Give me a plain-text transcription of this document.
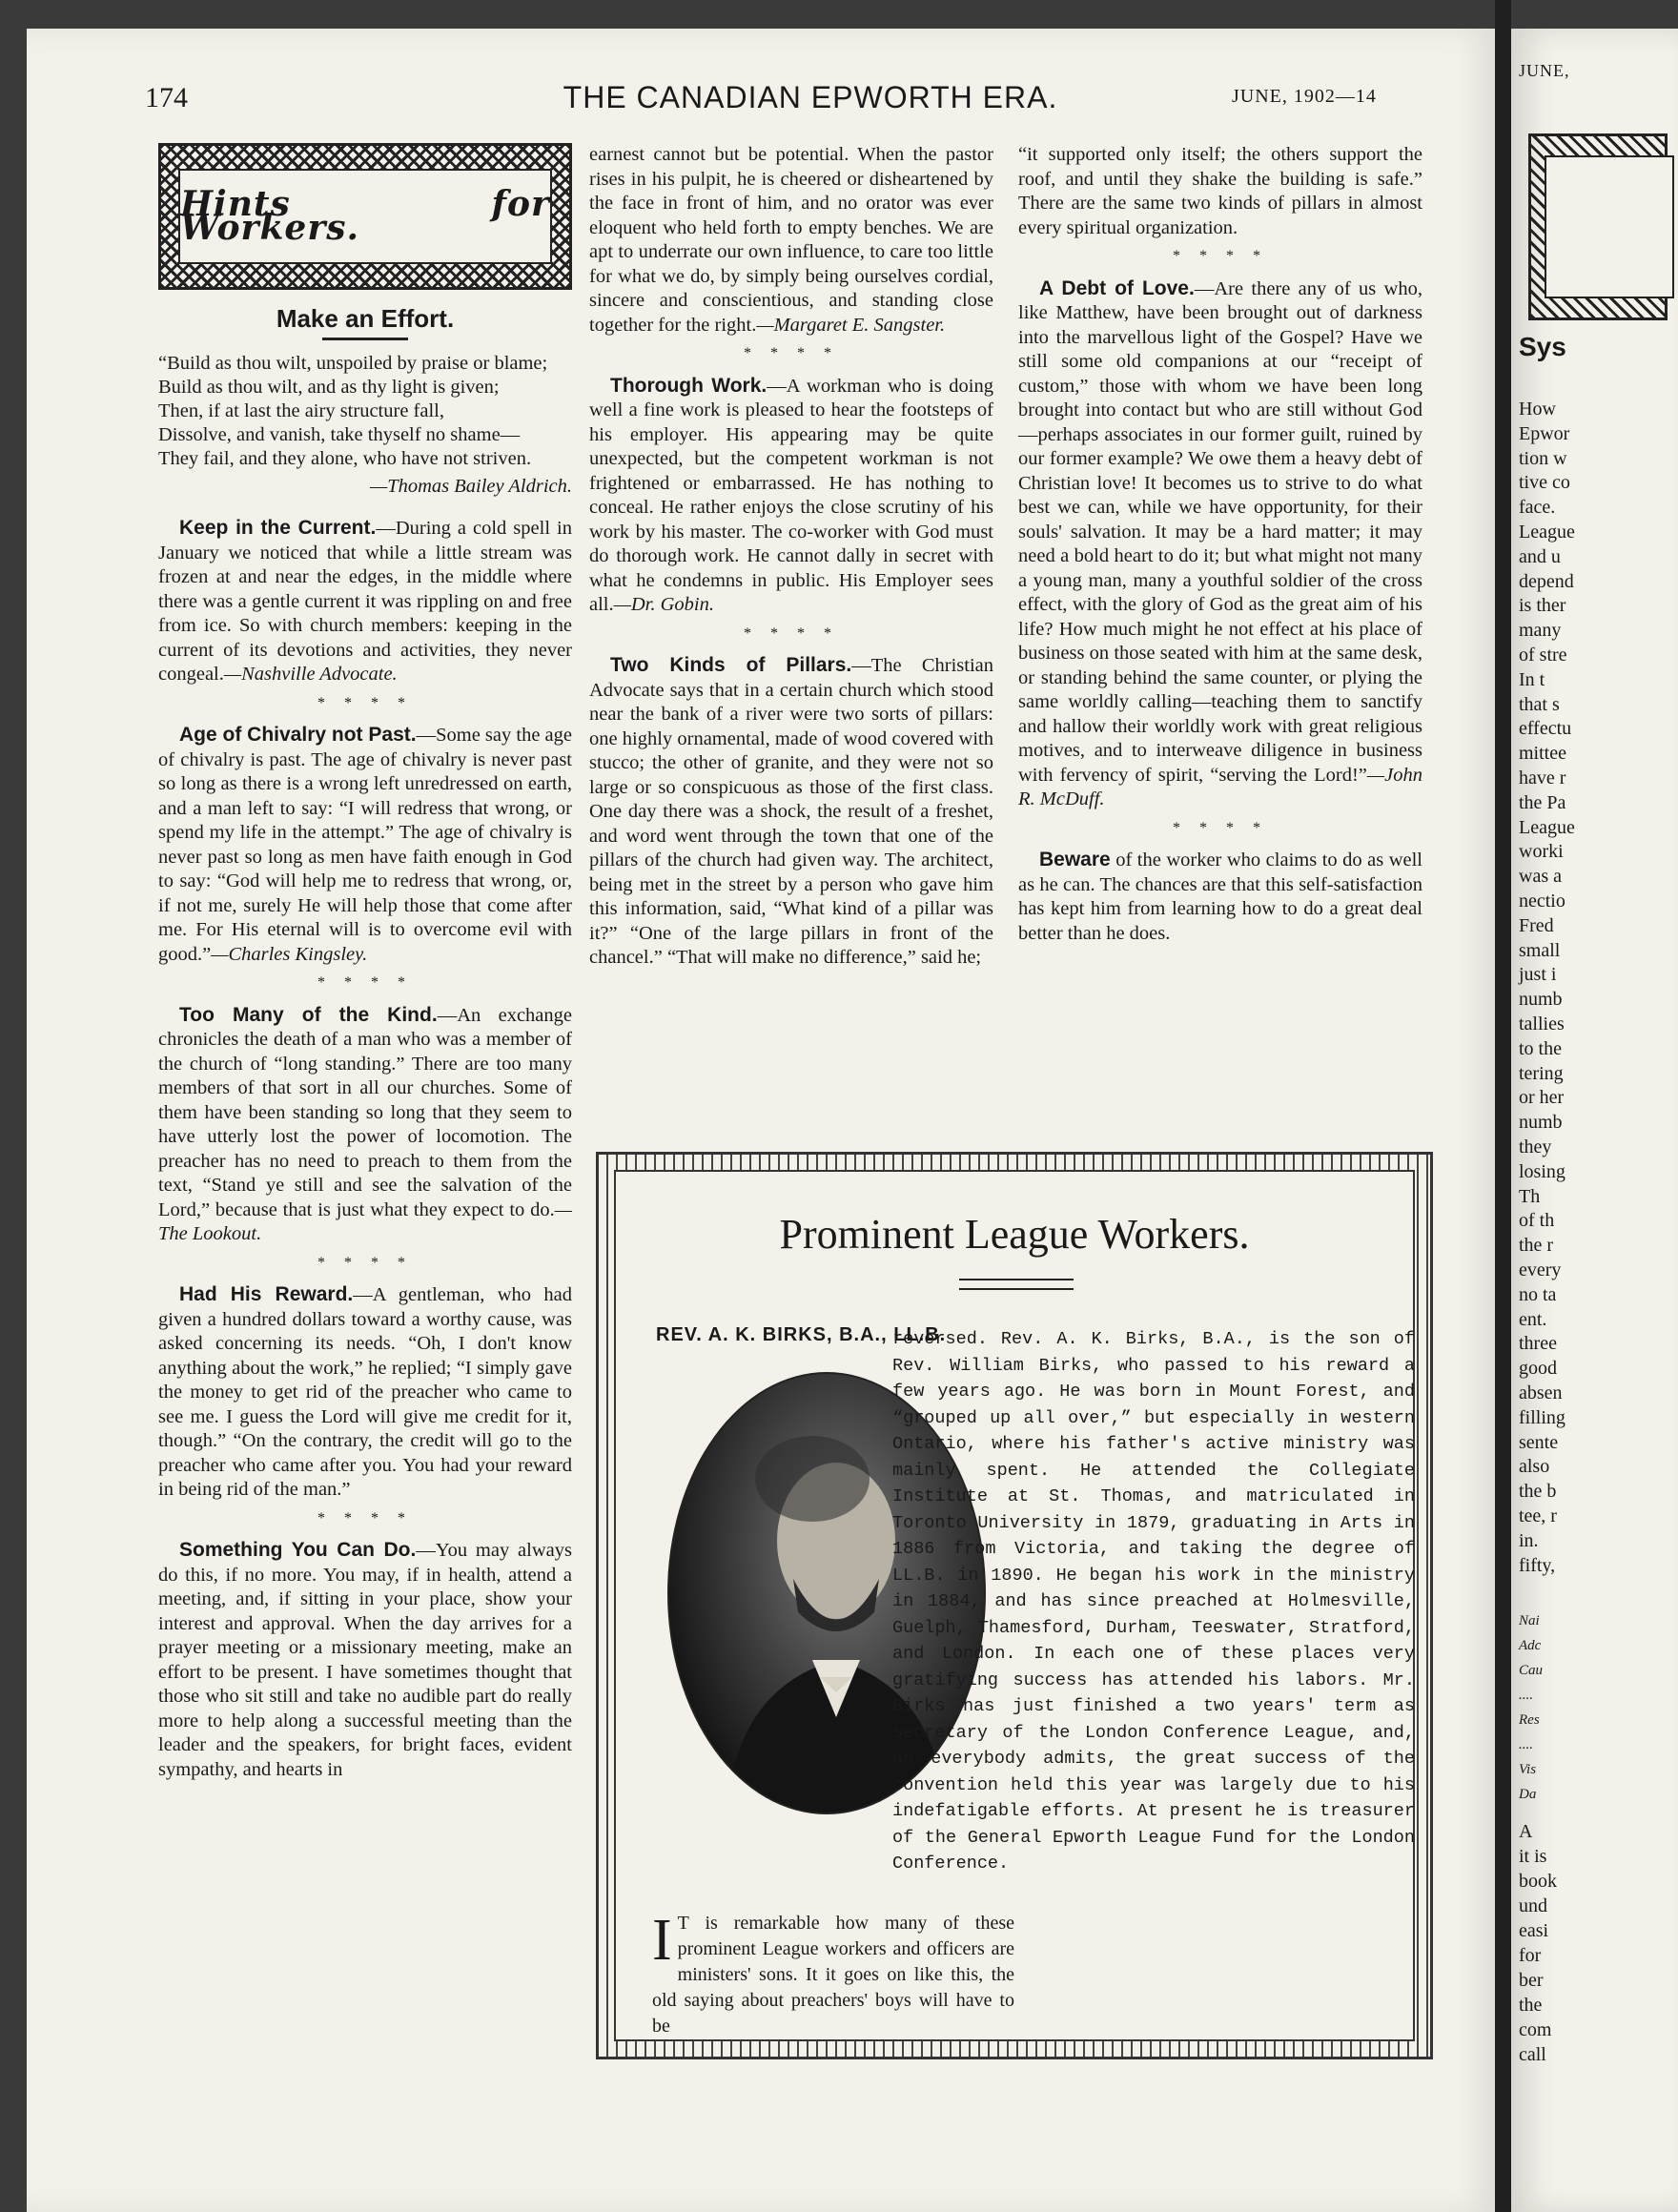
JUNE,
Sys
How
Epwor
tion w
tive co
face.
League
and u
depend
is ther
many
of stre
In t
that s
effectu
mittee
have r
the Pa
League
worki
was a
nectio
Fred
small
just i
numb
tallies
to the
tering
or her
numb
they
losing
Th
of th
the r
every
no ta
ent.
three
good
absen
filling
sente
also
the b
tee, r
in.
fifty,
Nai
Adc
Cau
....
Res
....
Vis
Da
A
it is
book
und
easi
for
ber
the
com
call
174	THE CANADIAN EPWORTH ERA.	JUNE, 1902—14
Hints for Workers.
Make an Effort.
“Build as thou wilt, unspoiled by praise or blame;
Build as thou wilt, and as thy light is given;
Then, if at last the airy structure fall,
Dissolve, and vanish, take thyself no shame—
They fail, and they alone, who have not striven.
—Thomas Bailey Aldrich.

Keep in the Current.—During a cold spell in January we noticed that while a little stream was frozen at and near the edges, in the middle where there was a gentle current it was rippling on and free from ice. So with church members: keeping in the current of its devotions and activities, they never congeal.—Nashville Advocate.

* * * *

Age of Chivalry not Past.—Some say the age of chivalry is past. The age of chivalry is never past so long as there is a wrong left unredressed on earth, and a man left to say: “I will redress that wrong, or spend my life in the attempt.” The age of chivalry is never past so long as men have faith enough in God to say: “God will help me to redress that wrong, or, if not me, surely He will help those that come after me. For His eternal will is to overcome evil with good.”—Charles Kingsley.

* * * *

Too Many of the Kind.—An exchange chronicles the death of a man who was a member of the church of “long standing.” There are too many members of that sort in all our churches. Some of them have been standing so long that they seem to have utterly lost the power of locomotion. The preacher has no need to preach to them from the text, “Stand ye still and see the salvation of the Lord,” because that is just what they expect to do.—The Lookout.

* * * *

Had His Reward.—A gentleman, who had given a hundred dollars toward a worthy cause, was asked concerning its needs. “Oh, I don't know anything about the work,” he replied; “I simply gave the money to get rid of the preacher who came to see me. I guess the Lord will give me credit for it, though.” “On the contrary, the credit will go to the preacher who came after you. You had your reward in being rid of the man.”

* * * *

Something You Can Do.—You may always do this, if no more. You may, if in health, attend a meeting, and, if sitting in your place, show your interest and approval. When the day arrives for a prayer meeting or a missionary meeting, make an effort to be present. I have sometimes thought that those who sit still and take no audible part do really more to help along a successful meeting than the leader and the speakers, for bright faces, evident sympathy, and hearts in

earnest cannot but be potential. When the pastor rises in his pulpit, he is cheered or disheartened by the face in front of him, and no orator was ever eloquent who held forth to empty benches. We are apt to underrate our own influence, to care too little for what we do, by simply being ourselves cordial, sincere and conscientious, and standing close together for the right.—Margaret E. Sangster.

* * * *

Thorough Work.—A workman who is doing well a fine work is pleased to hear the footsteps of his employer. His appearing may be quite unexpected, but the competent workman is not frightened or embarrassed. He has nothing to conceal. He rather enjoys the close scrutiny of his work by his master. The co-worker with God must do thorough work. He cannot dally in secret with what he condemns in public. His Employer sees all.—Dr. Gobin.

* * * *

Two Kinds of Pillars.—The Christian Advocate says that in a certain church which stood near the bank of a river were two sorts of pillars: one highly ornamental, made of wood covered with stucco; the other of granite, and they were not so large or so conspicuous as those of the first class. One day there was a shock, the result of a freshet, and word went through the town that one of the pillars of the church had given way. The architect, being met in the street by a person who gave him this information, said, “What kind of a pillar was it?” “One of the large pillars in front of the chancel.” “That will make no difference,” said he;

“it supported only itself; the others support the roof, and until they shake the building is safe.” There are the same two kinds of pillars in almost every spiritual organization.

* * * *

A Debt of Love.—Are there any of us who, like Matthew, have been brought out of darkness into the marvellous light of the Gospel? Have we still some old companions at our “receipt of custom,” those with whom we have been long brought into contact but who are still without God—perhaps associates in our former guilt, ruined by our former example? We owe them a heavy debt of Christian love! It becomes us to strive to do what best we can, while we have opportunity, for their souls' salvation. It may be a hard matter; it may need a bold heart to do it; but what might not many a young man, many a youthful soldier of the cross effect, with the glory of God as the great aim of his life? How much might he not effect at his place of business on those seated with him at the same desk, or standing behind the same counter, or plying the same worldly calling—teaching them to sanctify and hallow their worldly work with great religious motives, and to interweave diligence in business with fervency of spirit, “serving the Lord!”—John R. McDuff.

* * * *

Beware of the worker who claims to do as well as he can. The chances are that this self-satisfaction has kept him from learning how to do a great deal better than he does.

Prominent League Workers.
REV. A. K. BIRKS, B.A., LL.B.
I T is remarkable how many of these prominent League workers and officers are ministers' sons. It it goes on like this, the old saying about preachers' boys will have to be
reversed. Rev. A. K. Birks, B.A., is the son of Rev. William Birks, who passed to his reward a few years ago. He was born in Mount Forest, and “grouped up all over,” but especially in western Ontario, where his father's active ministry was mainly spent. He attended the Collegiate Institute at St. Thomas, and matriculated in Toronto University in 1879, graduating in Arts in 1886 from Victoria, and taking the degree of LL.B. in 1890. He began his work in the ministry in 1884, and has since preached at Holmesville, Guelph, Thamesford, Durham, Teeswater, Stratford, and London. In each one of these places very gratifying success has attended his labors. Mr. Birks has just finished a two years' term as secretary of the London Conference League, and, as everybody admits, the great success of the convention held this year was largely due to his indefatigable efforts. At present he is treasurer of the General Epworth League Fund for the London Conference.
